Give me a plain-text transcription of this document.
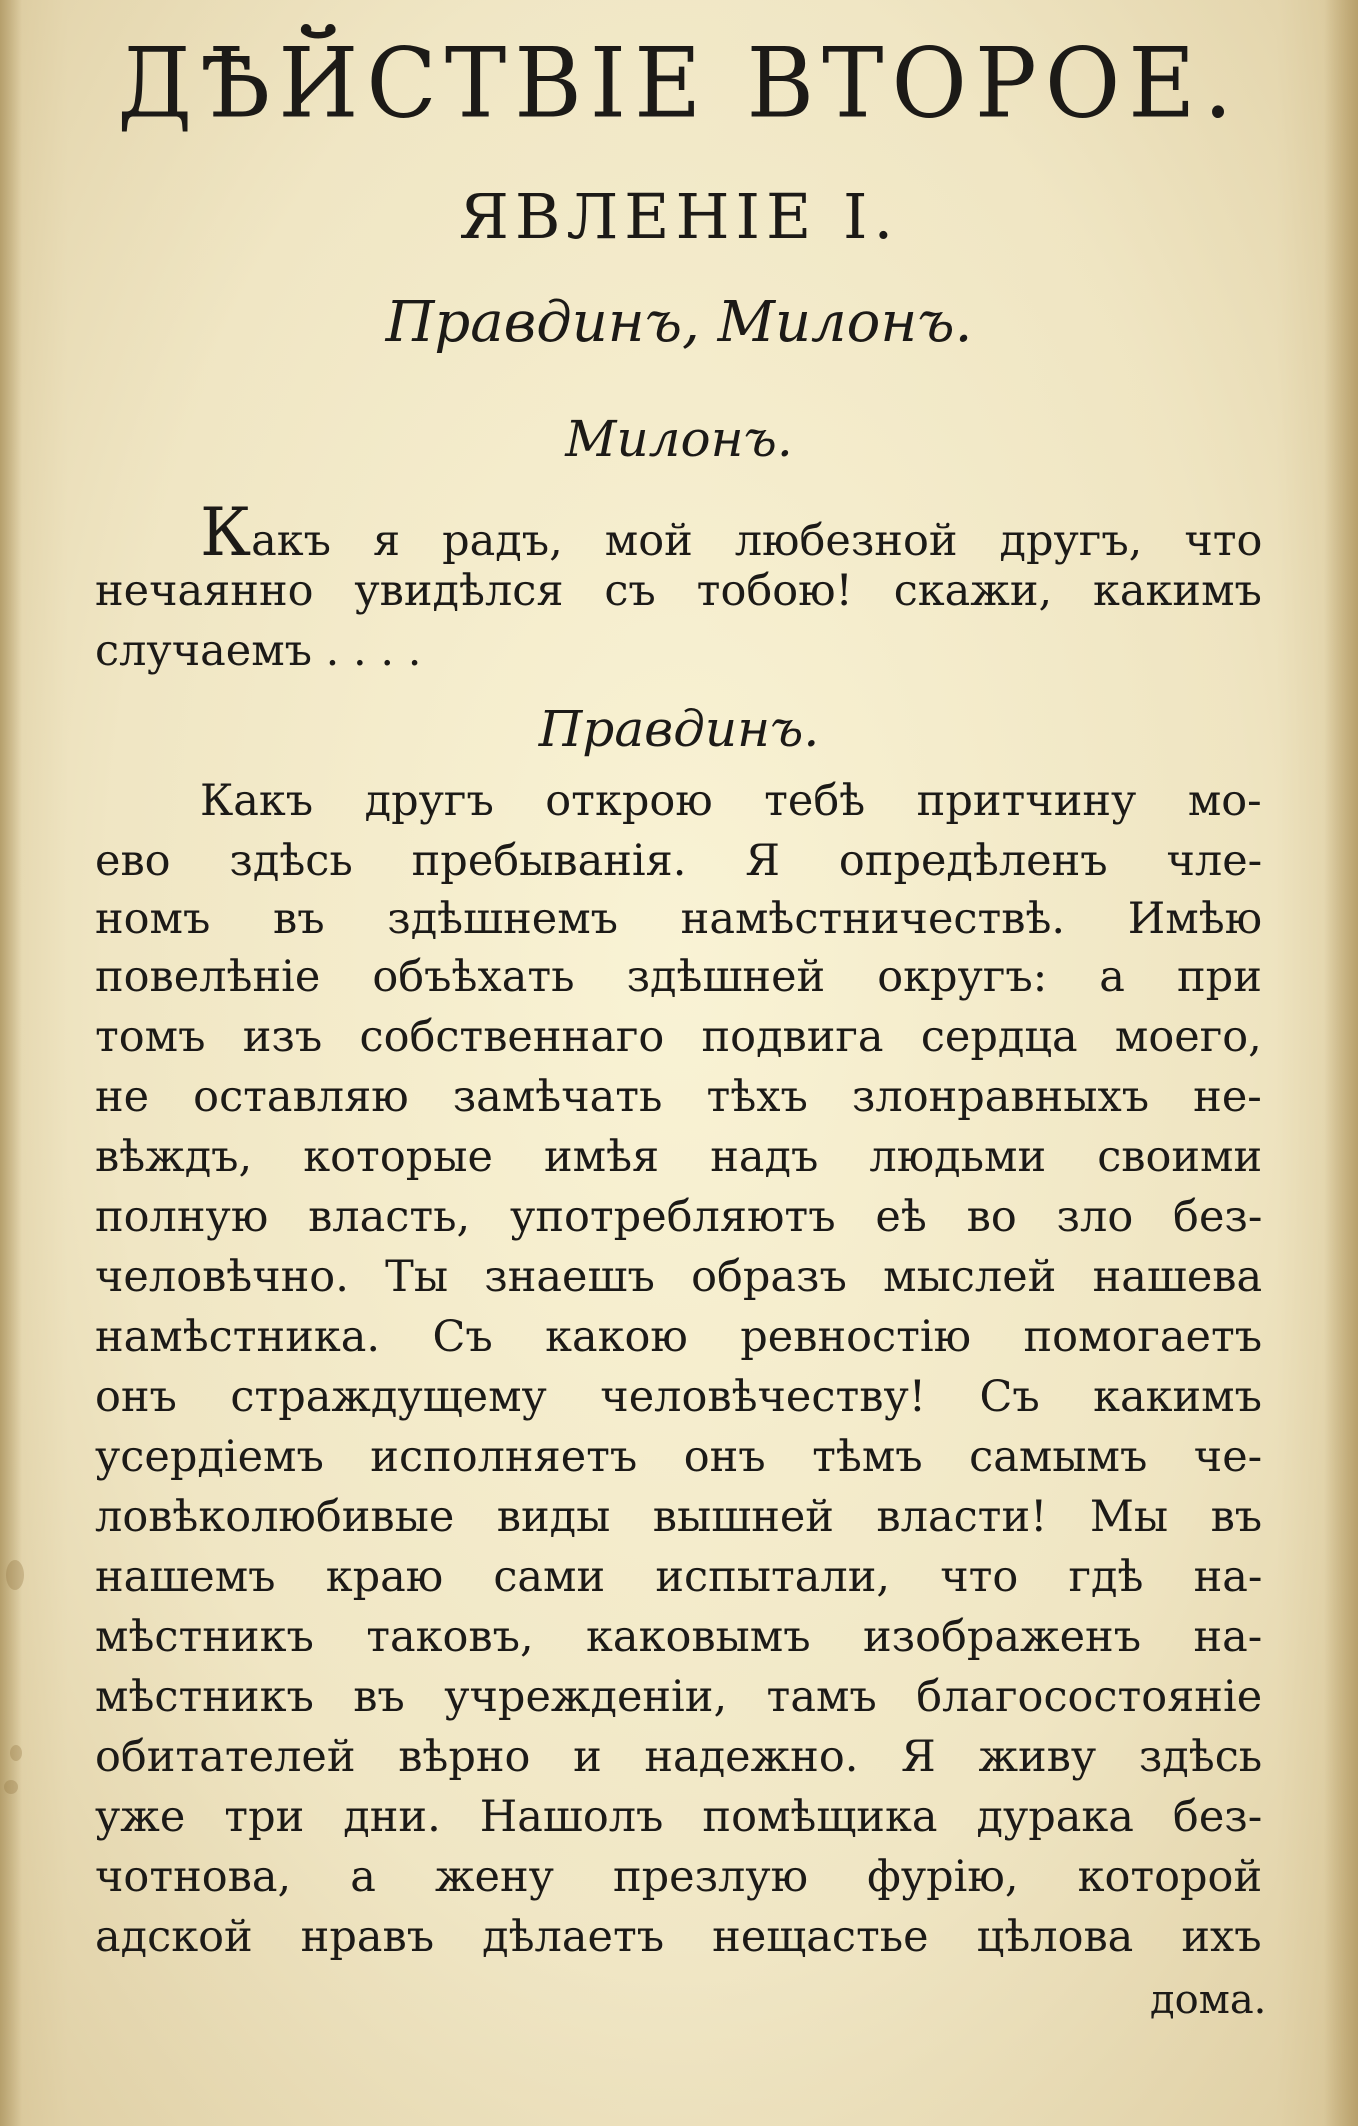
ДѢЙСТВІЕ ВТОРОЕ.
ЯВЛЕНІЕ I.
Правдинъ, Милонъ.
Милонъ.
Какъ я радъ, мой любезной другъ, что
нечаянно увидѣлся съ тобою! скажи, какимъ
случаемъ . . . .
Правдинъ.
Какъ другъ открою тебѣ притчину мо-
ево здѣсь пребыванія. Я опредѣленъ чле-
номъ въ здѣшнемъ намѣстничествѣ. Имѣю
повелѣніе объѣхать здѣшней округъ: а при
томъ изъ собственнаго подвига сердца моего,
не оставляю замѣчать тѣхъ злонравныхъ не-
вѣждъ, которые имѣя надъ людьми своими
полную власть, употребляютъ еѣ во зло без-
человѣчно. Ты знаешъ образъ мыслей нашева
намѣстника. Съ какою ревностію помогаетъ
онъ страждущему человѣчеству! Съ какимъ
усердіемъ исполняетъ онъ тѣмъ самымъ че-
ловѣколюбивые виды вышней власти! Мы въ
нашемъ краю сами испытали, что гдѣ на-
мѣстникъ таковъ, каковымъ изображенъ на-
мѣстникъ въ учрежденіи, тамъ благосостояніе
обитателей вѣрно и надежно. Я живу здѣсь
уже три дни. Нашолъ помѣщика дурака без-
чотнова, а жену презлую фурію, которой
адской нравъ дѣлаетъ нещастье цѣлова ихъ
дома.
